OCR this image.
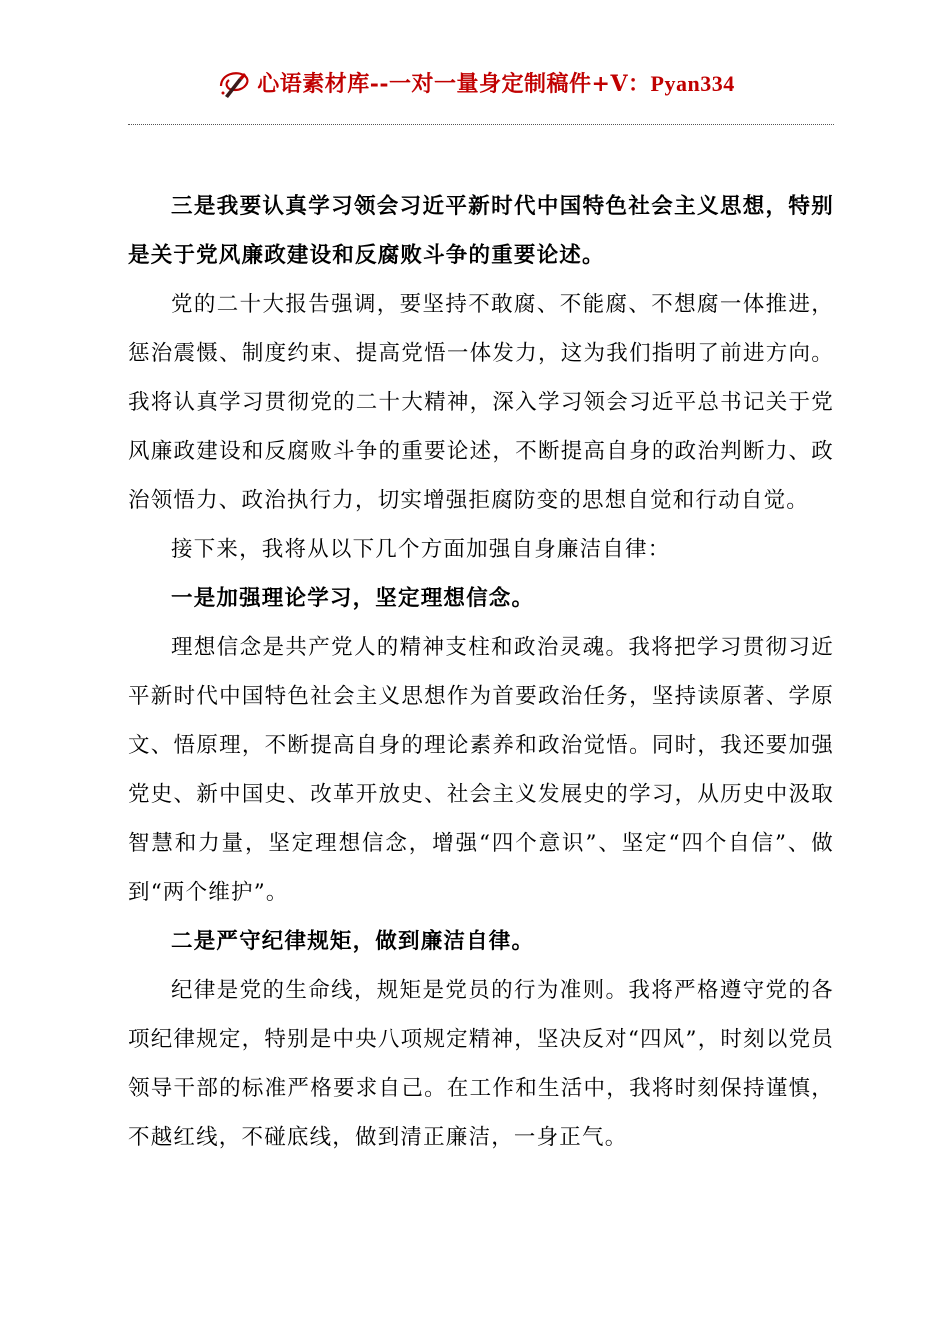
心语素材库--一对一量身定制稿件+V：Pyan334

三是我要认真学习领会习近平新时代中国特色社会主义思想，特别是关于党风廉政建设和反腐败斗争的重要论述。

党的二十大报告强调，要坚持不敢腐、不能腐、不想腐一体推进，惩治震慑、制度约束、提高党悟一体发力，这为我们指明了前进方向。我将认真学习贯彻党的二十大精神，深入学习领会习近平总书记关于党风廉政建设和反腐败斗争的重要论述，不断提高自身的政治判断力、政治领悟力、政治执行力，切实增强拒腐防变的思想自觉和行动自觉。

接下来，我将从以下几个方面加强自身廉洁自律：

一是加强理论学习，坚定理想信念。

理想信念是共产党人的精神支柱和政治灵魂。我将把学习贯彻习近平新时代中国特色社会主义思想作为首要政治任务，坚持读原著、学原文、悟原理，不断提高自身的理论素养和政治觉悟。同时，我还要加强党史、新中国史、改革开放史、社会主义发展史的学习，从历史中汲取智慧和力量，坚定理想信念，增强“四个意识”、坚定“四个自信”、做到“两个维护”。

二是严守纪律规矩，做到廉洁自律。

纪律是党的生命线，规矩是党员的行为准则。我将严格遵守党的各项纪律规定，特别是中央八项规定精神，坚决反对“四风”，时刻以党员领导干部的标准严格要求自己。在工作和生活中，我将时刻保持谨慎，不越红线，不碰底线，做到清正廉洁，一身正气。
